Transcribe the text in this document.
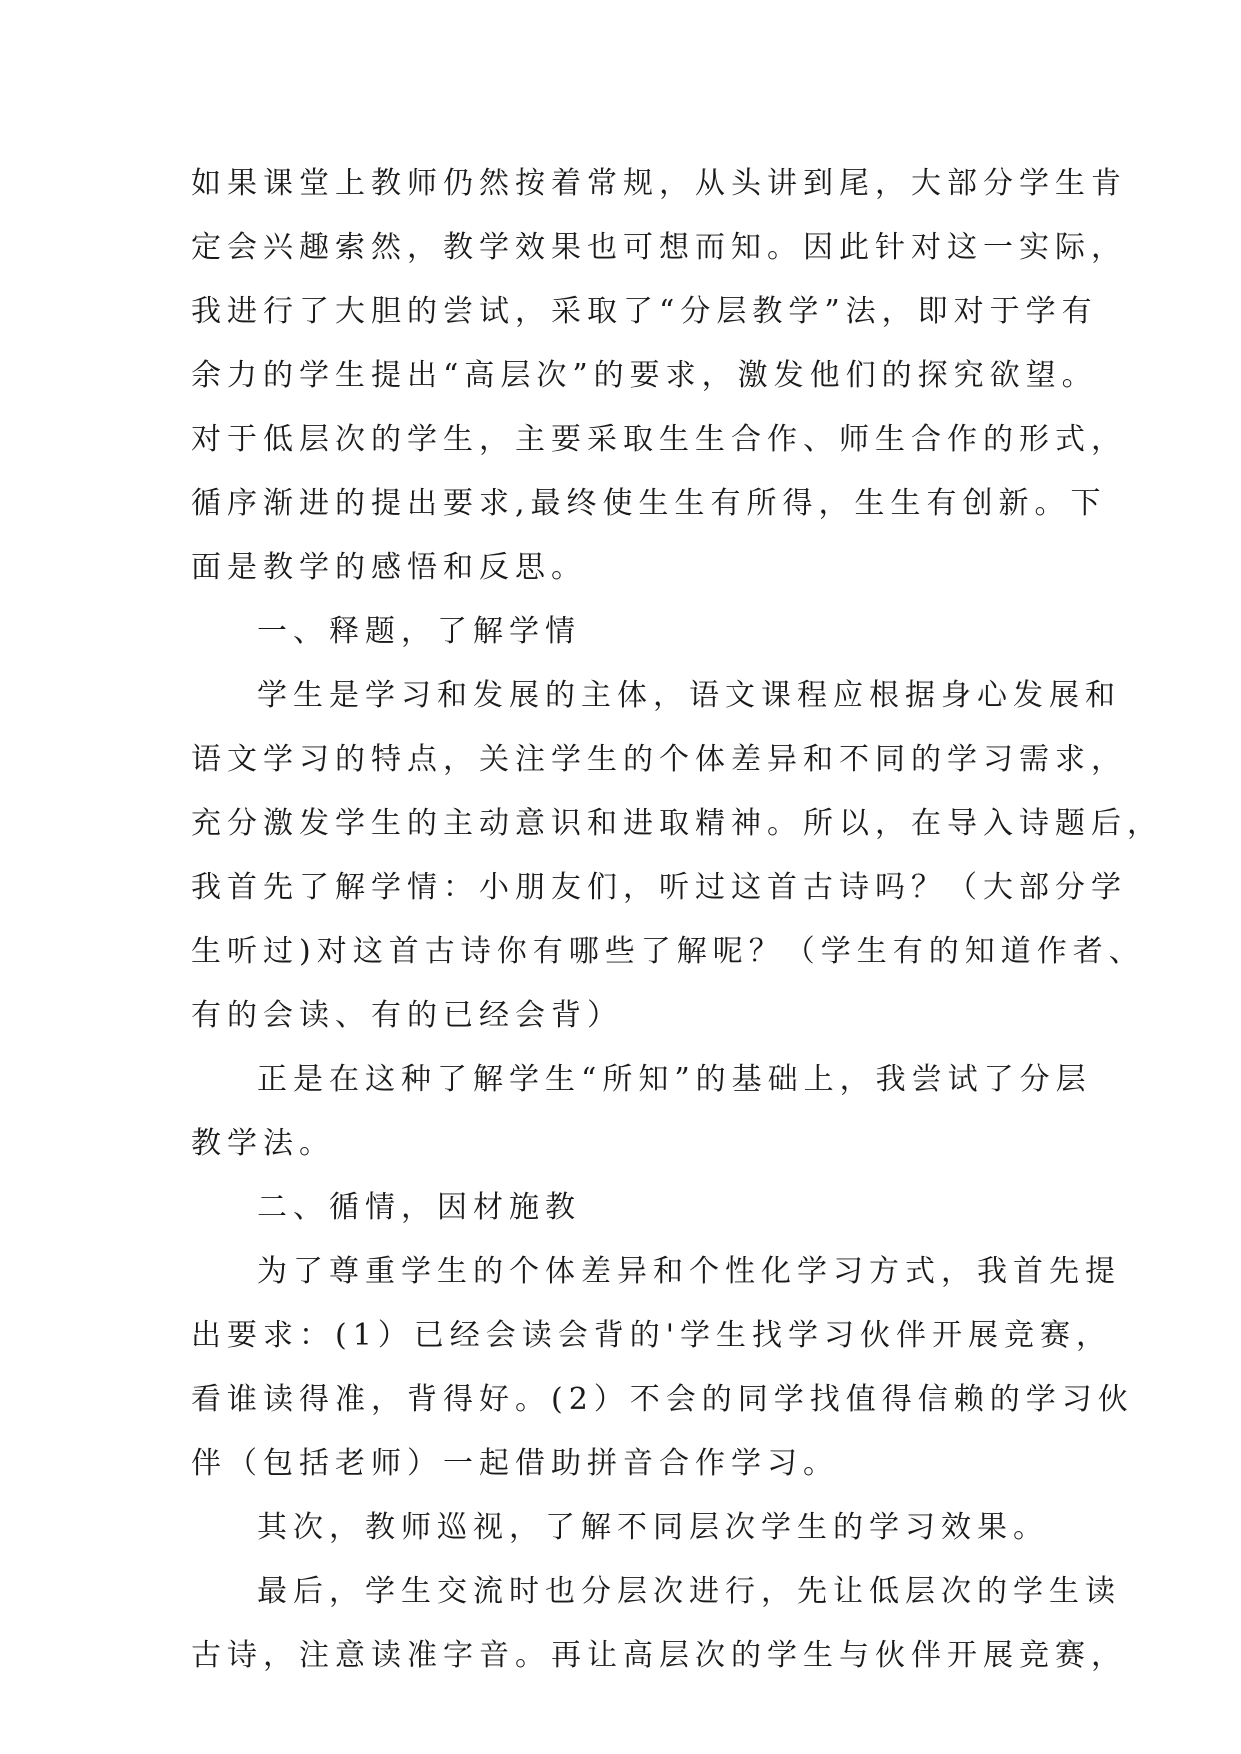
如果课堂上教师仍然按着常规，从头讲到尾，大部分学生肯
定会兴趣索然，教学效果也可想而知。因此针对这一实际，
我进行了大胆的尝试，采取了“分层教学”法，即对于学有
余力的学生提出“高层次”的要求，激发他们的探究欲望。
对于低层次的学生，主要采取生生合作、师生合作的形式，
循序渐进的提出要求,最终使生生有所得，生生有创新。下
面是教学的感悟和反思。
一、释题，了解学情
学生是学习和发展的主体，语文课程应根据身心发展和
语文学习的特点，关注学生的个体差异和不同的学习需求，
充分激发学生的主动意识和进取精神。所以，在导入诗题后，
我首先了解学情：小朋友们，听过这首古诗吗？（大部分学
生听过)对这首古诗你有哪些了解呢？（学生有的知道作者、
有的会读、有的已经会背）
正是在这种了解学生“所知”的基础上，我尝试了分层
教学法。
二、循情，因材施教
为了尊重学生的个体差异和个性化学习方式，我首先提
出要求：(1）已经会读会背的'学生找学习伙伴开展竞赛，
看谁读得准，背得好。(2）不会的同学找值得信赖的学习伙
伴（包括老师）一起借助拼音合作学习。
其次，教师巡视，了解不同层次学生的学习效果。
最后，学生交流时也分层次进行，先让低层次的学生读
古诗，注意读准字音。再让高层次的学生与伙伴开展竞赛，
